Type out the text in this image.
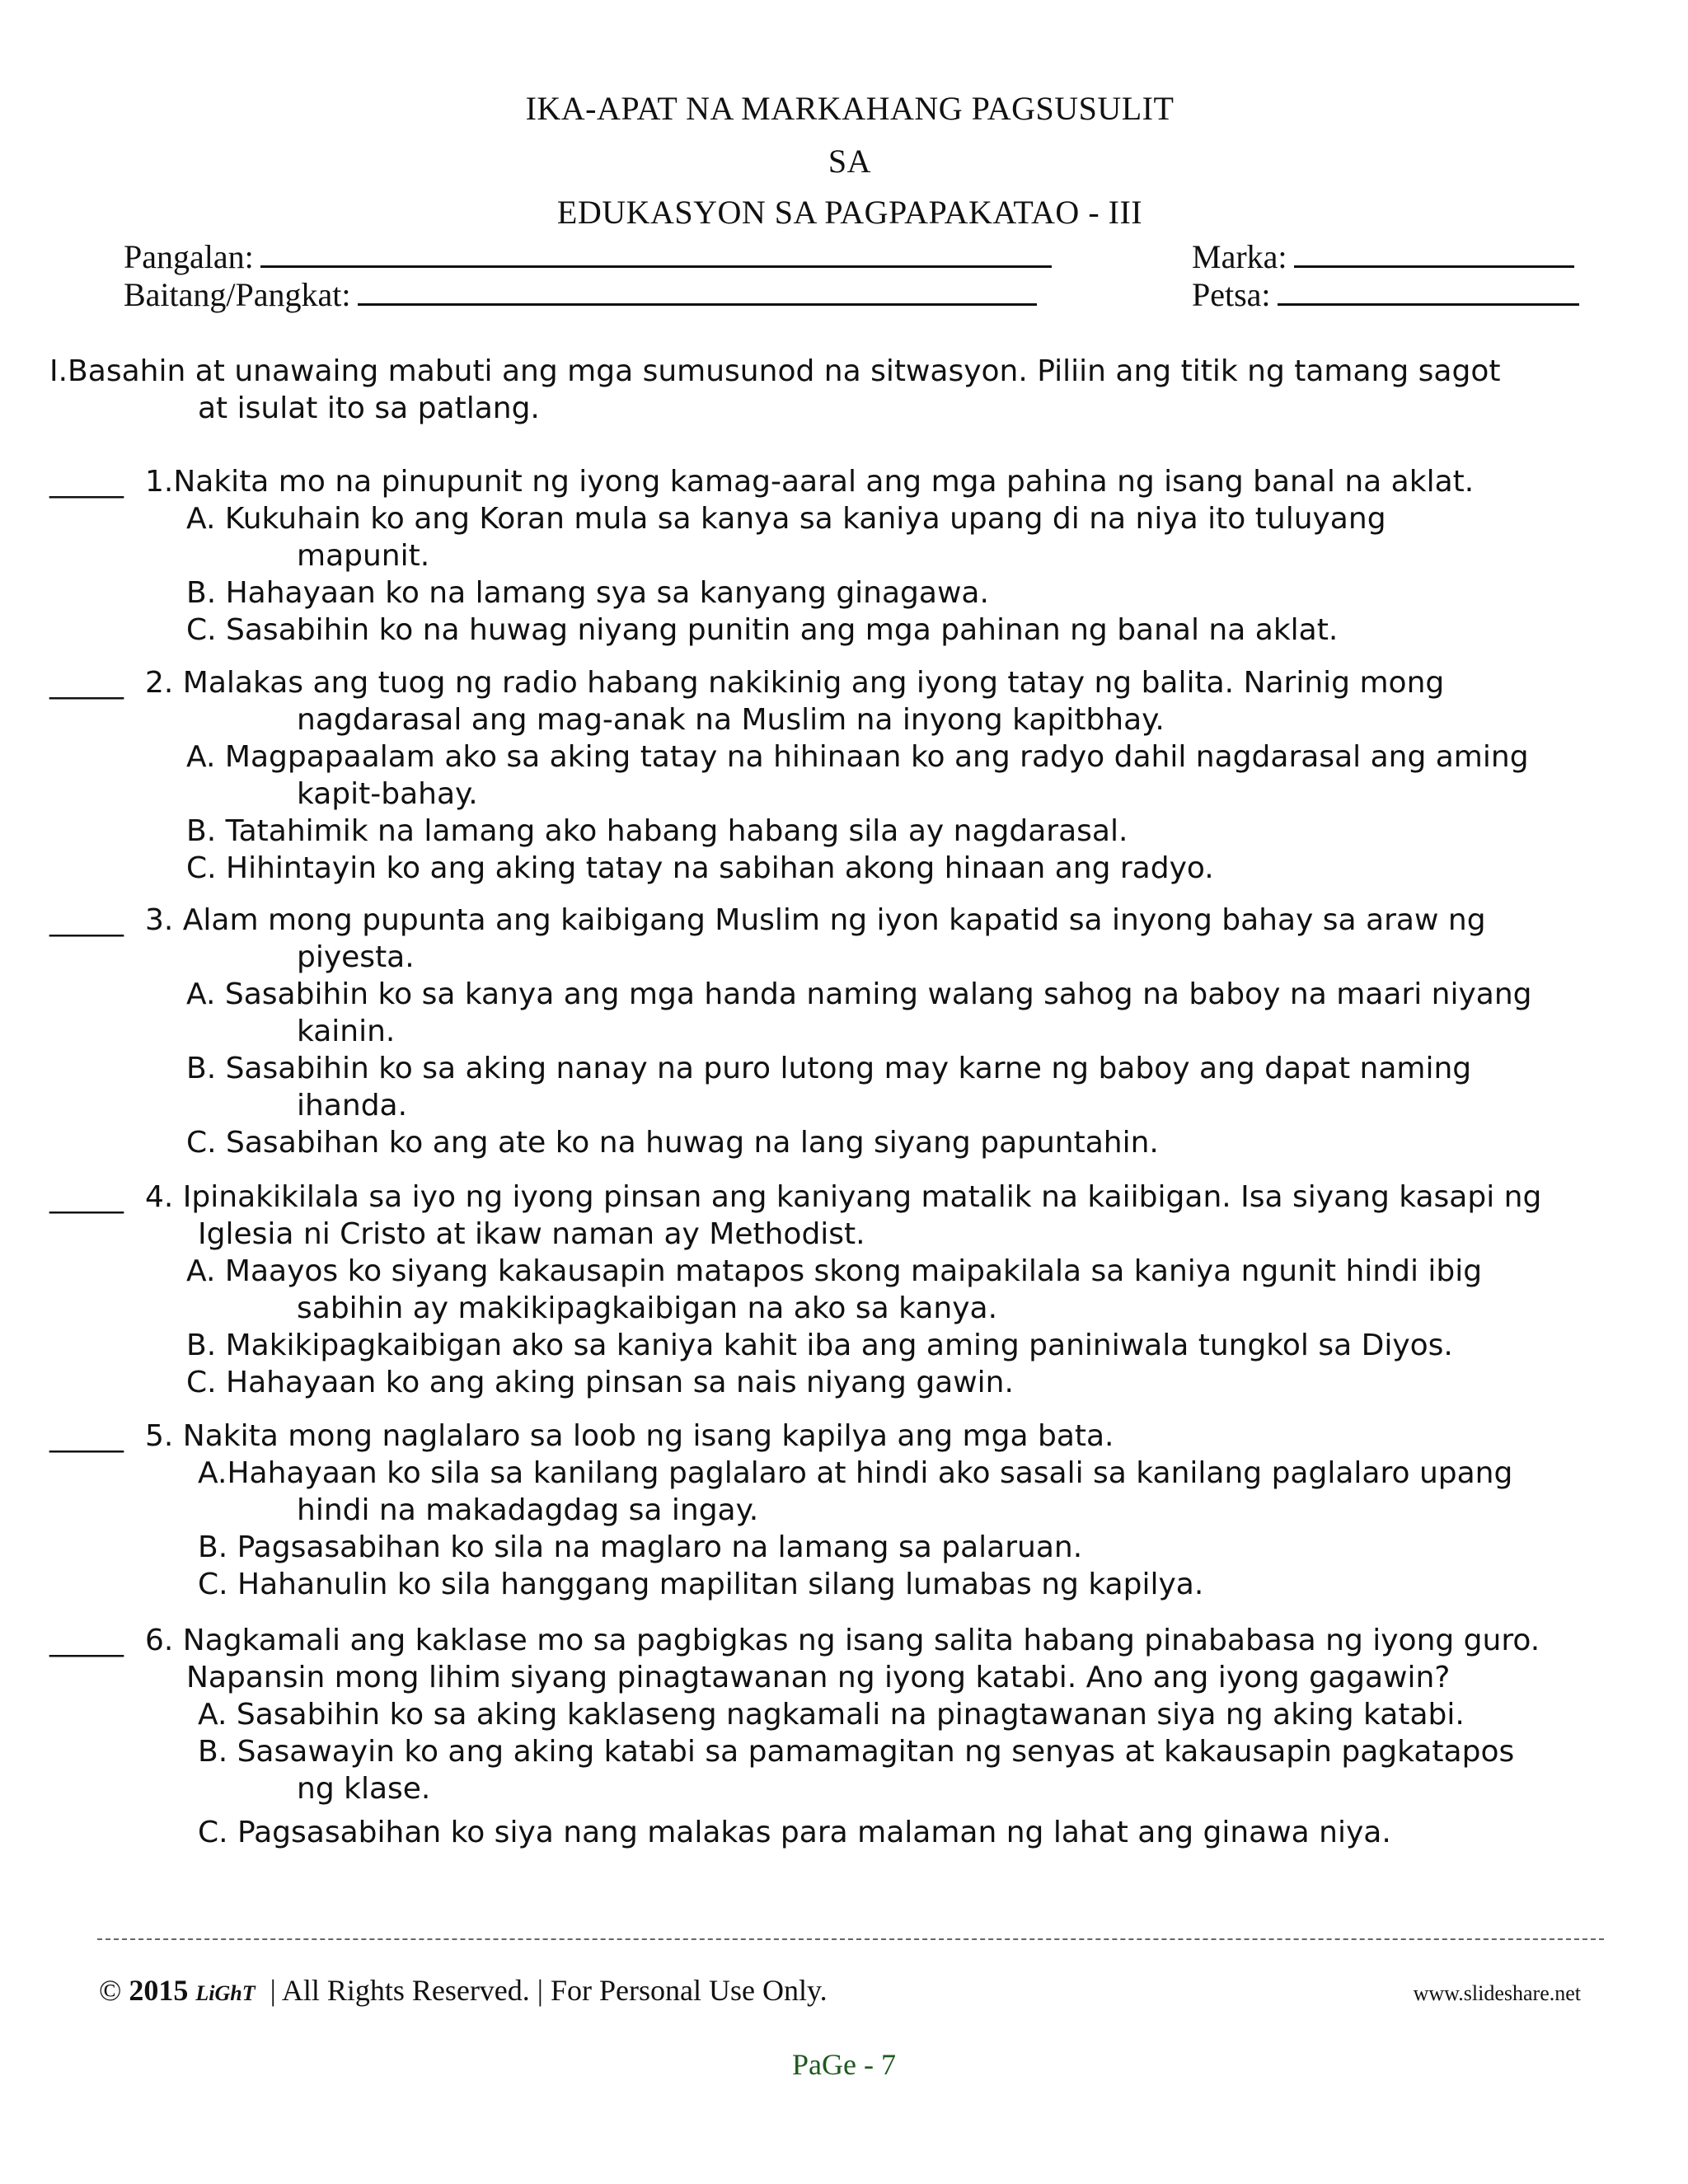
IKA-APAT NA MARKAHANG PAGSUSULIT
SA
EDUKASYON SA PAGPAPAKATAO - III
Pangalan:
Baitang/Pangkat:
Marka:
Petsa:
I.Basahin at unawaing mabuti ang mga sumusunod na sitwasyon. Piliin ang titik ng tamang sagot
at isulat ito sa patlang.
_____ 1.Nakita mo na pinupunit ng iyong kamag-aaral ang mga pahina ng isang banal na aklat.
A. Kukuhain ko ang Koran mula sa kanya sa kaniya upang di na niya ito tuluyang
mapunit.
B. Hahayaan ko na lamang sya sa kanyang ginagawa.
C. Sasabihin ko na huwag niyang punitin ang mga pahinan ng banal na aklat.
_____ 2. Malakas ang tuog ng radio habang nakikinig ang iyong tatay ng balita. Narinig mong
nagdarasal ang mag-anak na Muslim na inyong kapitbhay.
A. Magpapaalam ako sa aking tatay na hihinaan ko ang radyo dahil nagdarasal ang aming
kapit-bahay.
B. Tatahimik na lamang ako habang habang sila ay nagdarasal.
C. Hihintayin ko ang aking tatay na sabihan akong hinaan ang radyo.
_____ 3. Alam mong pupunta ang kaibigang Muslim ng iyon kapatid sa inyong bahay sa araw ng
piyesta.
A. Sasabihin ko sa kanya ang mga handa naming walang sahog na baboy na maari niyang
kainin.
B. Sasabihin ko sa aking nanay na puro lutong may karne ng baboy ang dapat naming
ihanda.
C. Sasabihan ko ang ate ko na huwag na lang siyang papuntahin.
_____ 4. Ipinakikilala sa iyo ng iyong pinsan ang kaniyang matalik na kaiibigan. Isa siyang kasapi ng
Iglesia ni Cristo at ikaw naman ay Methodist.
A. Maayos ko siyang kakausapin matapos skong maipakilala sa kaniya ngunit hindi ibig
sabihin ay makikipagkaibigan na ako sa kanya.
B. Makikipagkaibigan ako sa kaniya kahit iba ang aming paniniwala tungkol sa Diyos.
C. Hahayaan ko ang aking pinsan sa nais niyang gawin.
_____ 5. Nakita mong naglalaro sa loob ng isang kapilya ang mga bata.
A.Hahayaan ko sila sa kanilang paglalaro at hindi ako sasali sa kanilang paglalaro upang
hindi na makadagdag sa ingay.
B. Pagsasabihan ko sila na maglaro na lamang sa palaruan.
C. Hahanulin ko sila hanggang mapilitan silang lumabas ng kapilya.
_____ 6. Nagkamali ang kaklase mo sa pagbigkas ng isang salita habang pinababasa ng iyong guro.
Napansin mong lihim siyang pinagtawanan ng iyong katabi. Ano ang iyong gagawin?
A. Sasabihin ko sa aking kaklaseng nagkamali na pinagtawanan siya ng aking katabi.
B. Sasawayin ko ang aking katabi sa pamamagitan ng senyas at kakausapin pagkatapos
ng klase.
C. Pagsasabihan ko siya nang malakas para malaman ng lahat ang ginawa niya.
© 2015 LiGhT | All Rights Reserved. | For Personal Use Only.	www.slideshare.net
PaGe - 7
